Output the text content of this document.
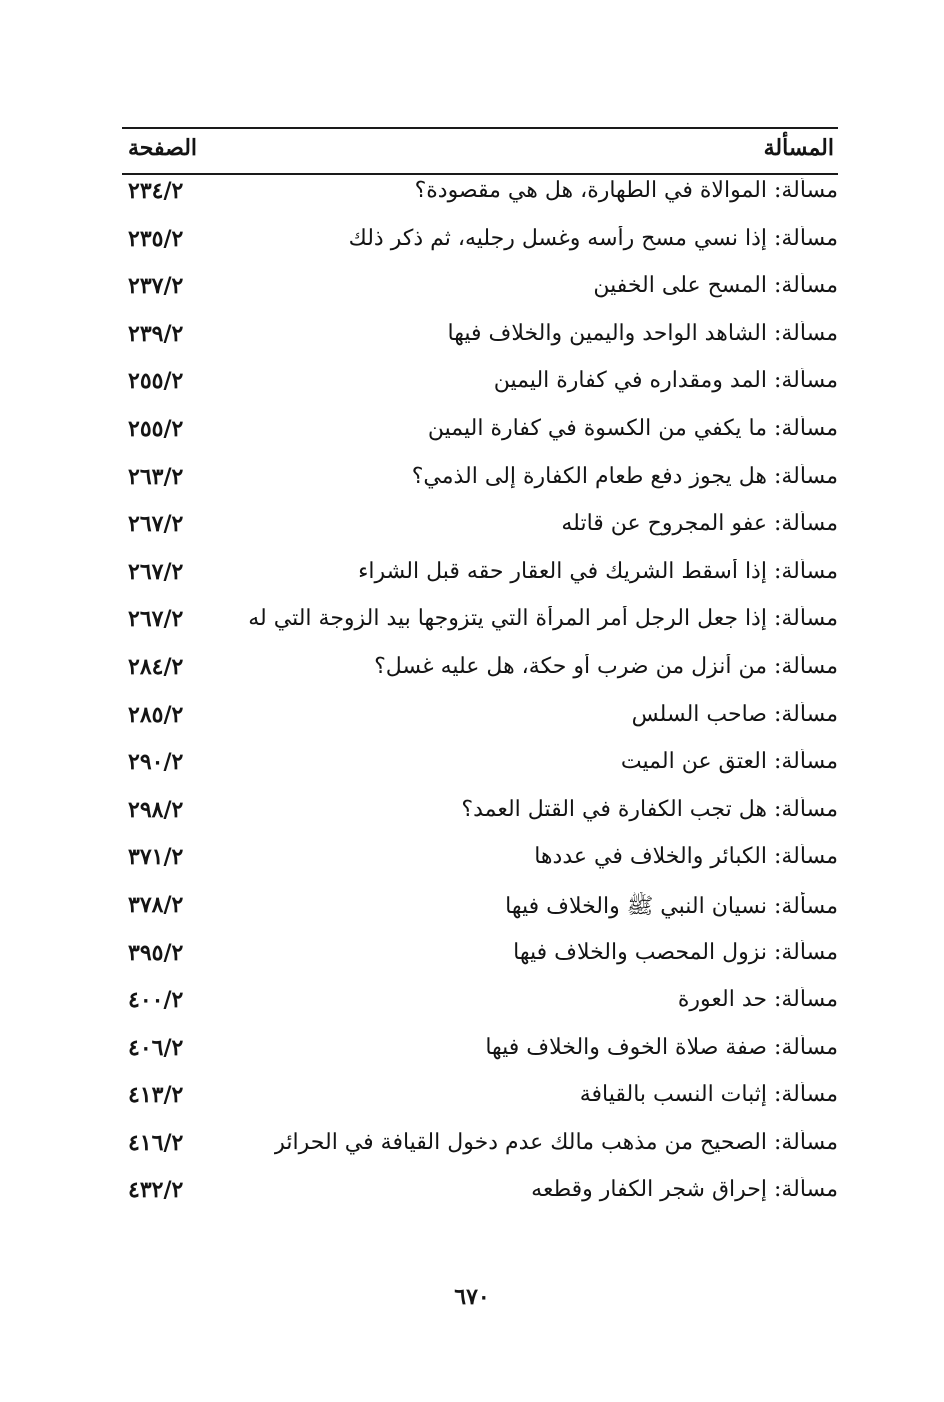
المسألة
الصفحة
مسألة: الموالاة في الطهارة، هل هي مقصودة؟
٢٣٤/٢
مسألة: إذا نسي مسح رأسه وغسل رجليه، ثم ذكر ذلك
٢٣٥/٢
مسألة: المسح على الخفين
٢٣٧/٢
مسألة: الشاهد الواحد واليمين والخلاف فيها
٢٣٩/٢
مسألة: المد ومقداره في كفارة اليمين
٢٥٥/٢
مسألة: ما يكفي من الكسوة في كفارة اليمين
٢٥٥/٢
مسألة: هل يجوز دفع طعام الكفارة إلى الذمي؟
٢٦٣/٢
مسألة: عفو المجروح عن قاتله
٢٦٧/٢
مسألة: إذا أسقط الشريك في العقار حقه قبل الشراء
٢٦٧/٢
مسألة: إذا جعل الرجل أمر المرأة التي يتزوجها بيد الزوجة التي له
٢٦٧/٢
مسألة: من أنزل من ضرب أو حكة، هل عليه غسل؟
٢٨٤/٢
مسألة: صاحب السلس
٢٨٥/٢
مسألة: العتق عن الميت
٢٩٠/٢
مسألة: هل تجب الكفارة في القتل العمد؟
٢٩٨/٢
مسألة: الكبائر والخلاف في عددها
٣٧١/٢
مسألة: نسيان النبي ﷺ والخلاف فيها
٣٧٨/٢
مسألة: نزول المحصب والخلاف فيها
٣٩٥/٢
مسألة: حد العورة
٤٠٠/٢
مسألة: صفة صلاة الخوف والخلاف فيها
٤٠٦/٢
مسألة: إثبات النسب بالقيافة
٤١٣/٢
مسألة: الصحيح من مذهب مالك عدم دخول القيافة في الحرائر
٤١٦/٢
مسألة: إحراق شجر الكفار وقطعه
٤٣٢/٢
٦٧٠
